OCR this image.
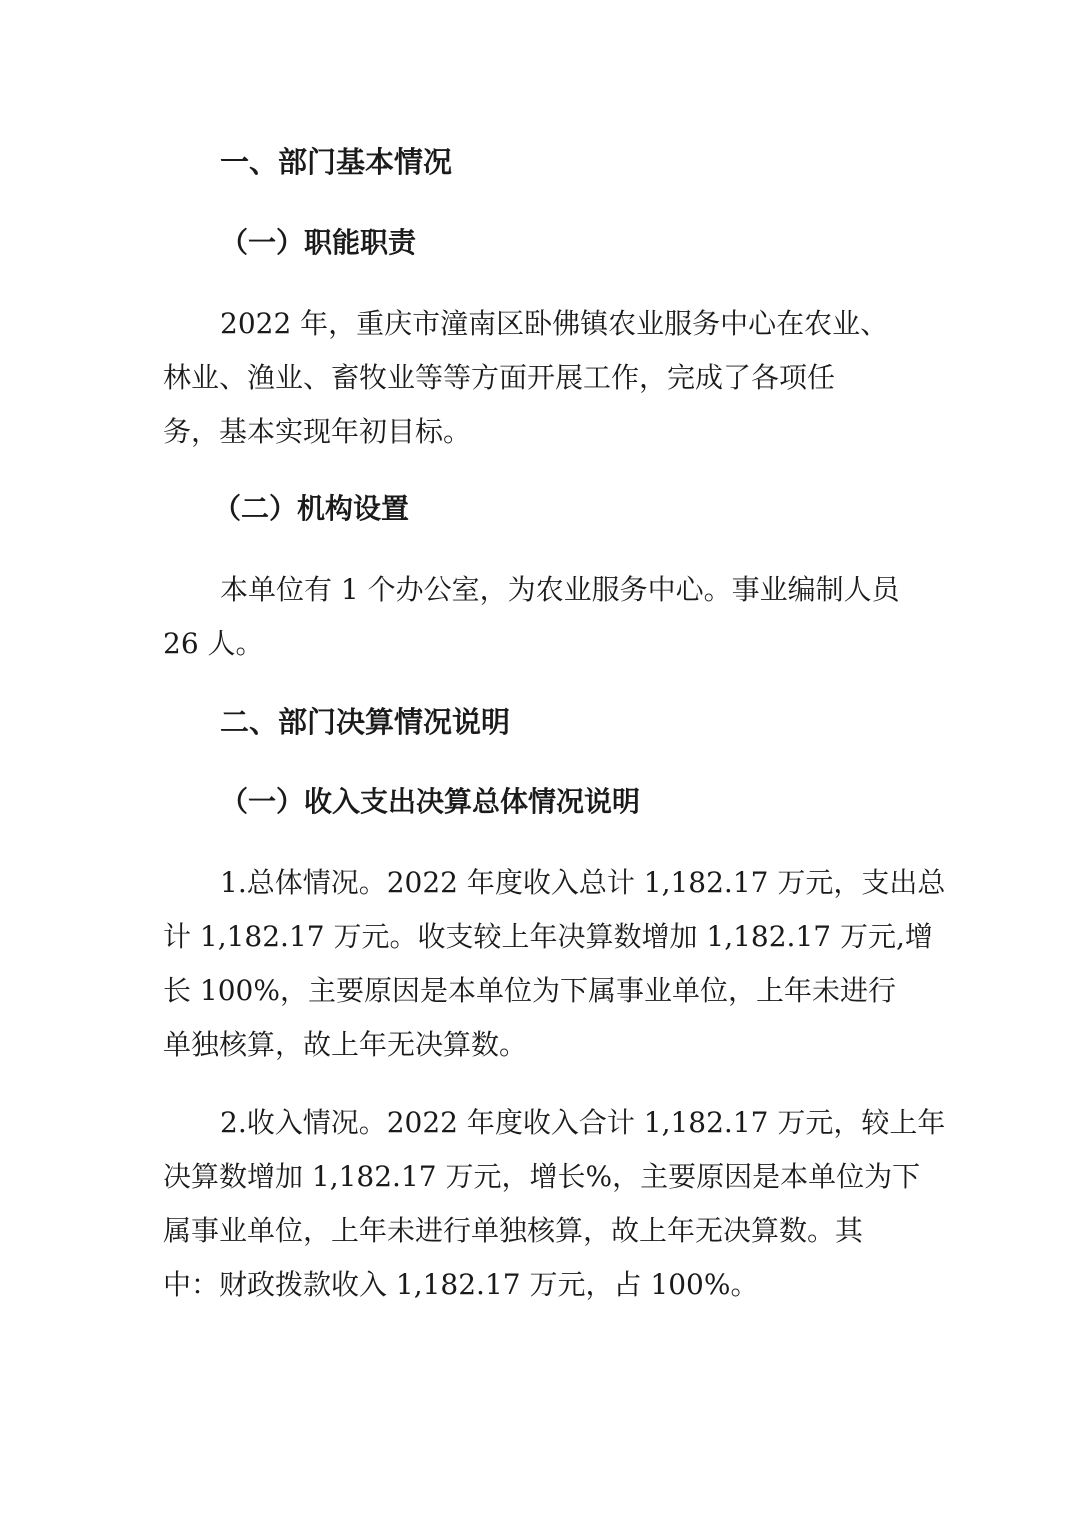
一、部门基本情况
（一）职能职责

2022 年，重庆市潼南区卧佛镇农业服务中心在农业、
林业、渔业、畜牧业等等方面开展工作，完成了各项任
务，基本实现年初目标。

（二）机构设置

本单位有 1 个办公室，为农业服务中心。事业编制人员
26 人。

二、部门决算情况说明
（一）收入支出决算总体情况说明

1.总体情况。2022 年度收入总计 1,182.17 万元，支出总
计 1,182.17 万元。收支较上年决算数增加 1,182.17 万元,增
长 100%，主要原因是本单位为下属事业单位，上年未进行
单独核算，故上年无决算数。

2.收入情况。2022 年度收入合计 1,182.17 万元，较上年
决算数增加 1,182.17 万元，增长%，主要原因是本单位为下
属事业单位，上年未进行单独核算，故上年无决算数。其
中：财政拨款收入 1,182.17 万元，占 100%。
